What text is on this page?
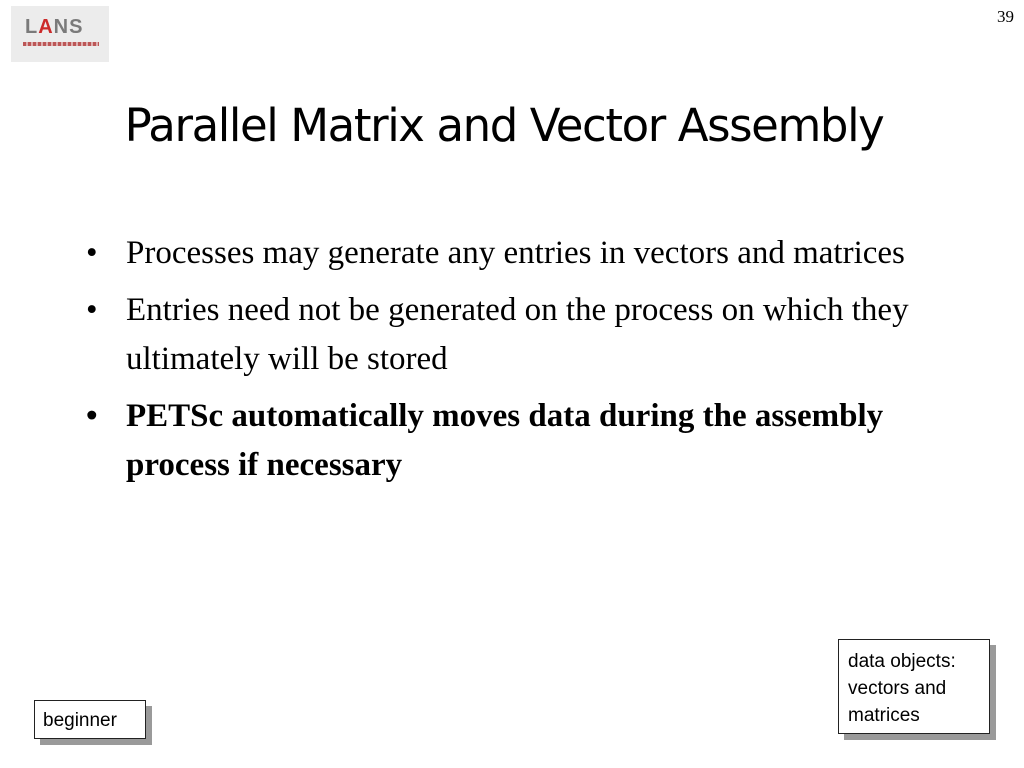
LANS	39
Parallel Matrix and Vector Assembly
• Processes may generate any entries in vectors and matrices
• Entries need not be generated on the process on which they ultimately will be stored
• PETSc automatically moves data during the assembly process if necessary
beginner
data objects:
vectors and
matrices
